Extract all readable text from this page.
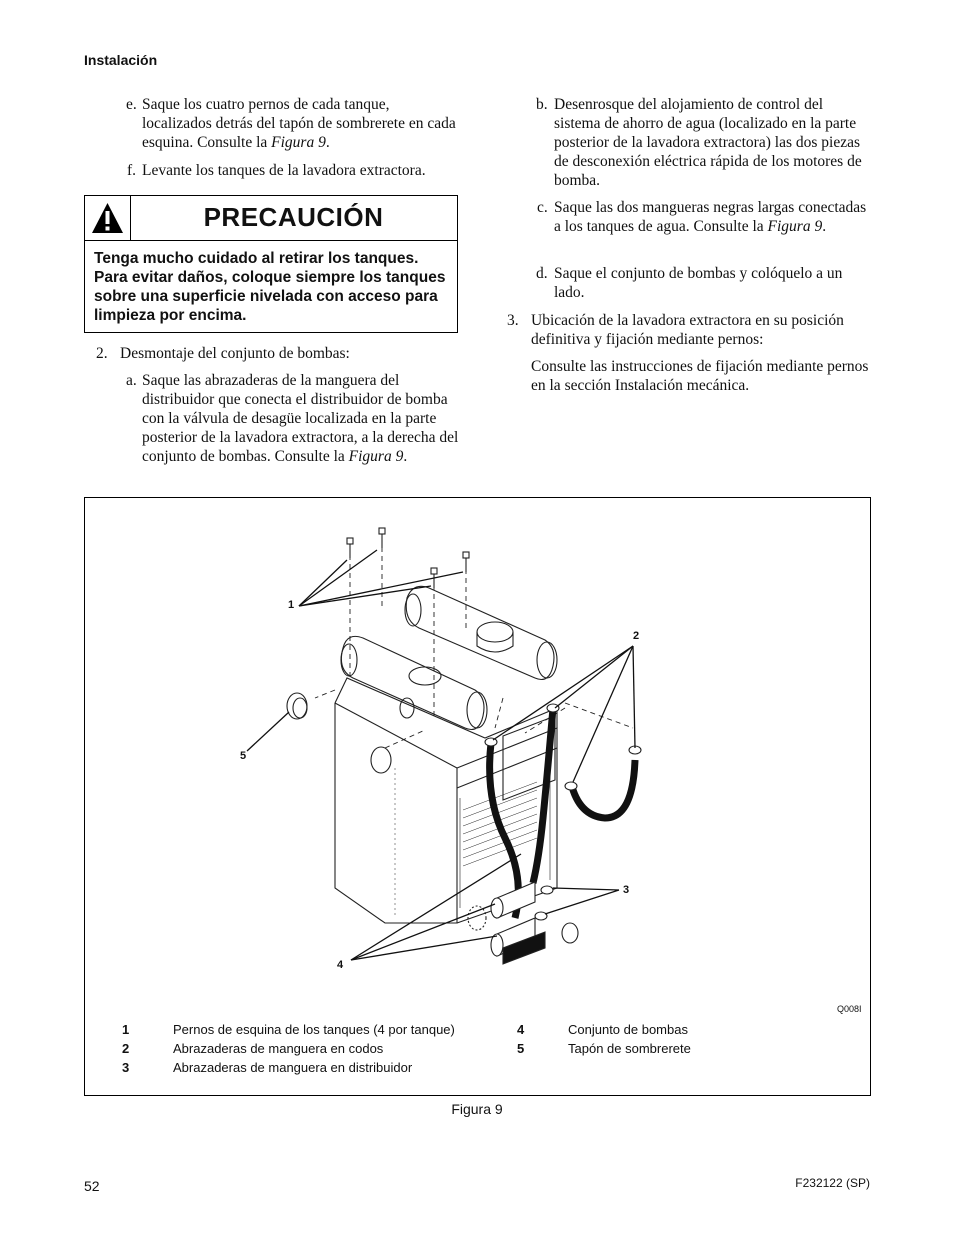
Instalación
e. Saque los cuatro pernos de cada tanque, localizados detrás del tapón de sombrerete en cada esquina. Consulte la Figura 9.
f. Levante los tanques de la lavadora extractora.
PRECAUCIÓN
Tenga mucho cuidado al retirar los tanques. Para evitar daños, coloque siempre los tanques sobre una superficie nivelada con acceso para limpieza por encima.
2. Desmontaje del conjunto de bombas:
a. Saque las abrazaderas de la manguera del distribuidor que conecta el distribuidor de bomba con la válvula de desagüe localizada en la parte posterior de la lavadora extractora, a la derecha del conjunto de bombas. Consulte la Figura 9.
b. Desenrosque del alojamiento de control del sistema de ahorro de agua (localizado en la parte posterior de la lavadora extractora) las dos piezas de desconexión eléctrica rápida de los motores de bomba.
c. Saque las dos mangueras negras largas conectadas a los tanques de agua. Consulte la Figura 9.
d. Saque el conjunto de bombas y colóquelo a un lado.
3. Ubicación de la lavadora extractora en su posición definitiva y fijación mediante pernos:
Consulte las instrucciones de fijación mediante pernos en la sección Instalación mecánica.
1
2
3
4
5
Q008I
1	Pernos de esquina de los tanques (4 por tanque)
2	Abrazaderas de manguera en codos
3	Abrazaderas de manguera en distribuidor
4	Conjunto de bombas
5	Tapón de sombrerete
Figura 9
52	F232122 (SP)
